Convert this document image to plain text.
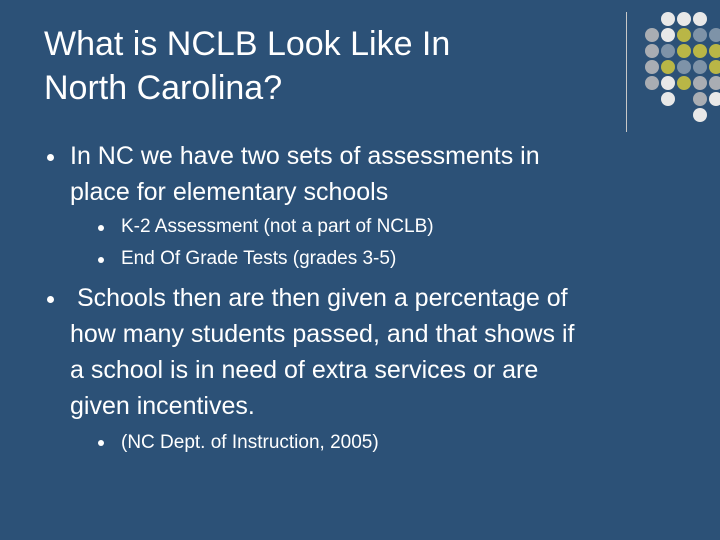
What is NCLB Look Like In
North Carolina?

In NC we have two sets of assessments in
place for elementary schools

K-2 Assessment (not a part of NCLB)

End Of Grade Tests (grades 3-5)

Schools then are then given a percentage of
how many students passed, and that shows if
a school is in need of extra services or are
given incentives.

(NC Dept. of Instruction, 2005)
